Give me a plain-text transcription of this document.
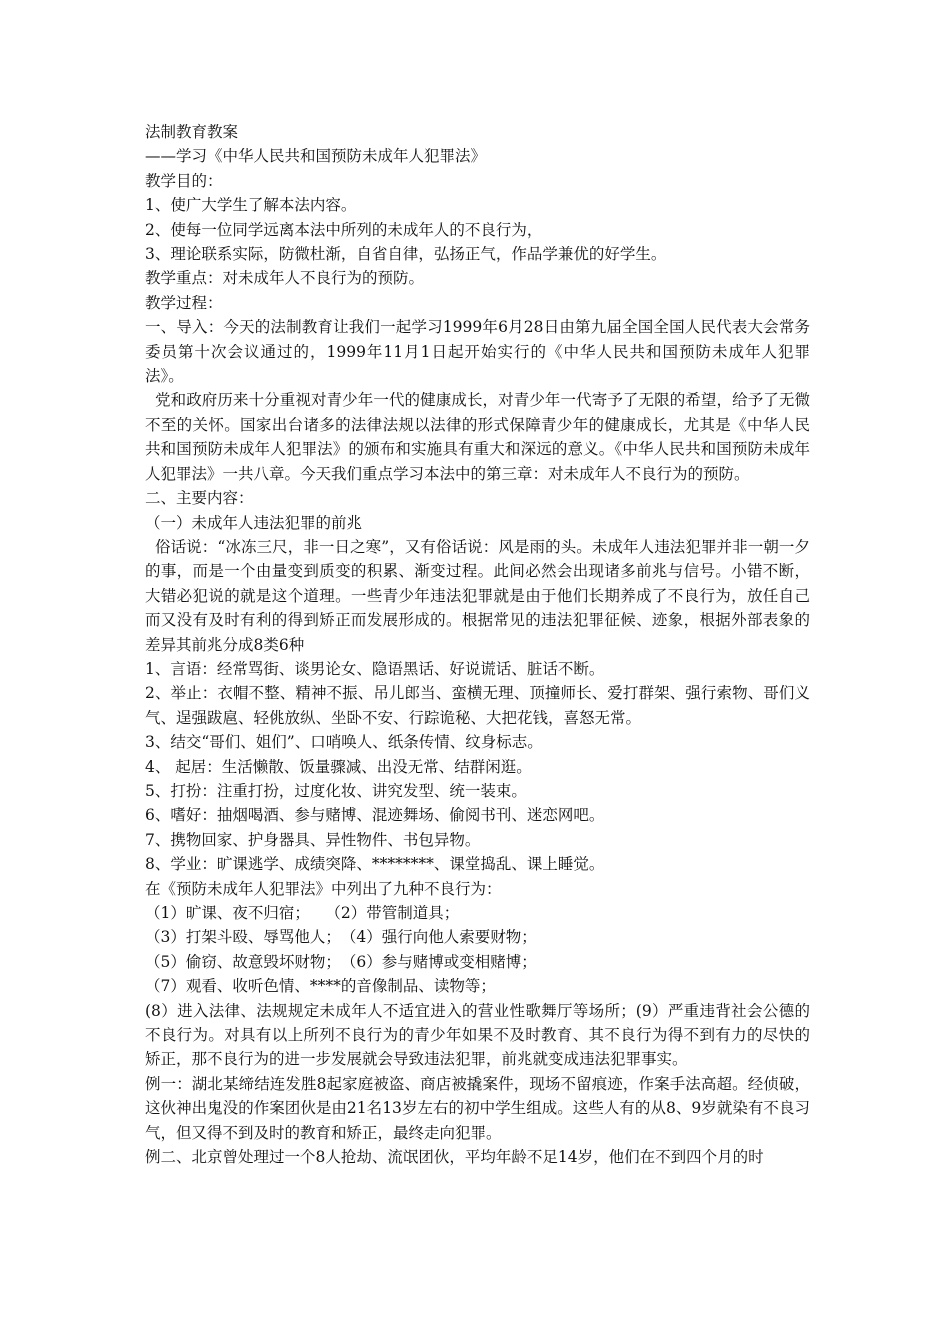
法制教育教案

——学习《中华人民共和国预防未成年人犯罪法》

教学目的：

1、使广大学生了解本法内容。

2、使每一位同学远离本法中所列的未成年人的不良行为，

3、理论联系实际，防微杜渐，自省自律，弘扬正气，作品学兼优的好学生。

教学重点：对未成年人不良行为的预防。

教学过程：

一、导入：今天的法制教育让我们一起学习1999年6月28日由第九届全国全国人民代表大会常务委员第十次会议通过的，1999年11月1日起开始实行的《中华人民共和国预防未成年人犯罪法》。

党和政府历来十分重视对青少年一代的健康成长，对青少年一代寄予了无限的希望，给予了无微不至的关怀。国家出台诸多的法律法规以法律的形式保障青少年的健康成长，尤其是《中华人民共和国预防未成年人犯罪法》的颁布和实施具有重大和深远的意义。《中华人民共和国预防未成年人犯罪法》一共八章。今天我们重点学习本法中的第三章：对未成年人不良行为的预防。

二、主要内容：

（一）未成年人违法犯罪的前兆

俗话说：“冰冻三尺，非一日之寒”，又有俗话说：风是雨的头。未成年人违法犯罪并非一朝一夕的事，而是一个由量变到质变的积累、渐变过程。此间必然会出现诸多前兆与信号。小错不断，大错必犯说的就是这个道理。一些青少年违法犯罪就是由于他们长期养成了不良行为，放任自己而又没有及时有利的得到矫正而发展形成的。根据常见的违法犯罪征候、迹象，根据外部表象的差异其前兆分成8类6种

1、言语：经常骂街、谈男论女、隐语黑话、好说谎话、脏话不断。

2、举止：衣帽不整、精神不振、吊儿郎当、蛮横无理、顶撞师长、爱打群架、强行索物、哥们义气、逞强跋扈、轻佻放纵、坐卧不安、行踪诡秘、大把花钱，喜怒无常。

3、结交“哥们、姐们”、口哨唤人、纸条传情、纹身标志。

4、 起居：生活懒散、饭量骤减、出没无常、结群闲逛。

5、打扮：注重打扮，过度化妆、讲究发型、统一装束。

6、嗜好：抽烟喝酒、参与赌博、混迹舞场、偷阅书刊、迷恋网吧。

7、携物回家、护身器具、异性物件、书包异物。

8、学业：旷课逃学、成绩突降、********、课堂捣乱、课上睡觉。

在《预防未成年人犯罪法》中列出了九种不良行为：

（1）旷课、夜不归宿；　　（2）带管制道具；

（3）打架斗殴、辱骂他人；　（4）强行向他人索要财物；

（5）偷窃、故意毁坏财物；　（6）参与赌博或变相赌博；

（7）观看、收听色情、****的音像制品、读物等；

(8）进入法律、法规规定未成年人不适宜进入的营业性歌舞厅等场所；(9）严重违背社会公德的不良行为。对具有以上所列不良行为的青少年如果不及时教育、其不良行为得不到有力的尽快的矫正，那不良行为的进一步发展就会导致违法犯罪，前兆就变成违法犯罪事实。

例一：湖北某缔结连发胜8起家庭被盗、商店被撬案件，现场不留痕迹，作案手法高超。经侦破，这伙神出鬼没的作案团伙是由21名13岁左右的初中学生组成。这些人有的从8、9岁就染有不良习气，但又得不到及时的教育和矫正，最终走向犯罪。

例二、北京曾处理过一个8人抢劫、流氓团伙，平均年龄不足14岁，他们在不到四个月的时
